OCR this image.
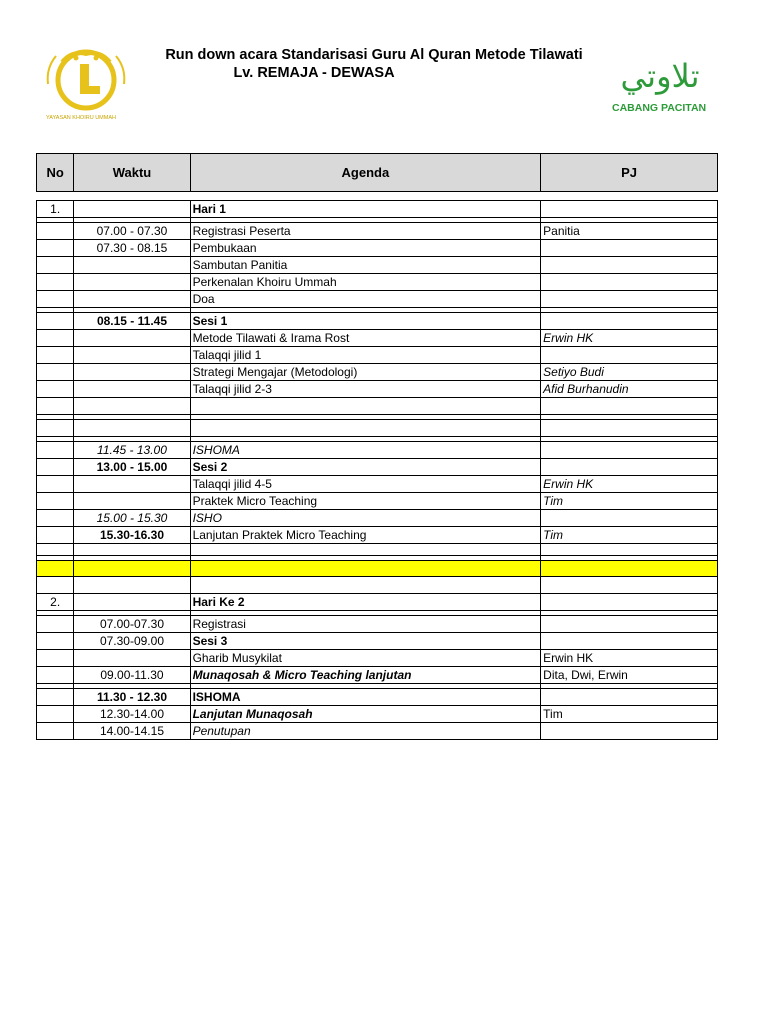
YAYASAN KHOIRU UMMAH
Run down acara Standarisasi Guru Al Quran Metode Tilawati
Lv. REMAJA - DEWASA	تلاوتي
CABANG PACITAN
No	Waktu	Agenda	PJ
1.		Hari 1	

	07.00 - 07.30	Registrasi Peserta	Panitia
	07.30 - 08.15	Pembukaan	
		Sambutan Panitia	
		Perkenalan Khoiru Ummah	
		Doa	

	08.15 - 11.45	Sesi 1	
		Metode Tilawati & Irama Rost	Erwin HK
		Talaqqi jilid 1	
		Strategi Mengajar (Metodologi)	Setiyo Budi
		Talaqqi jilid 2-3	Afid Burhanudin

	11.45 - 13.00	ISHOMA	
	13.00 - 15.00	Sesi 2	
		Talaqqi jilid 4-5	Erwin HK
		Praktek Micro Teaching	Tim
	15.00 - 15.30	ISHO	
	15.30-16.30	Lanjutan Praktek Micro Teaching	Tim

2.		Hari Ke 2	

	07.00-07.30	Registrasi	
	07.30-09.00	Sesi 3	
		Gharib Musykilat	Erwin HK
	09.00-11.30	Munaqosah & Micro Teaching lanjutan	Dita, Dwi, Erwin

	11.30 - 12.30	ISHOMA	
	12.30-14.00	Lanjutan Munaqosah	Tim
	14.00-14.15	Penutupan	
